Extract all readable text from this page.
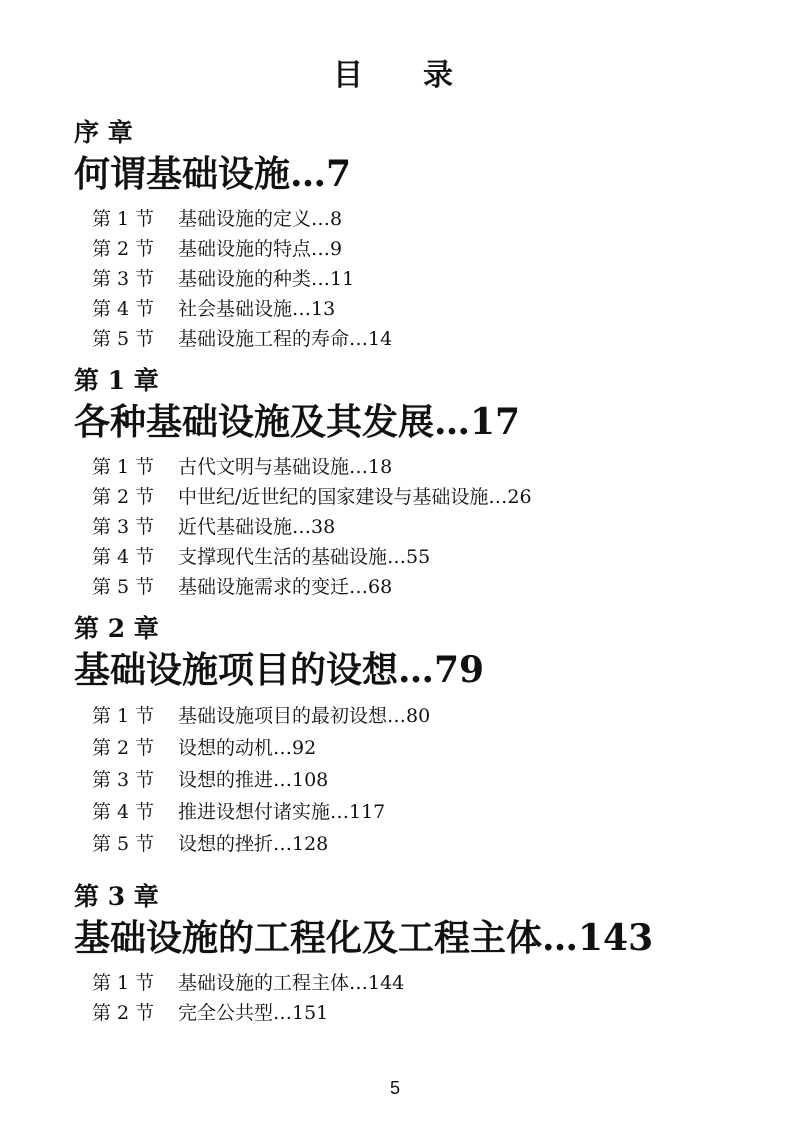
目 录
序 章
何谓基础设施…7
第 1 节 基础设施的定义…8
第 2 节 基础设施的特点…9
第 3 节 基础设施的种类…11
第 4 节 社会基础设施…13
第 5 节 基础设施工程的寿命…14
第 1 章
各种基础设施及其发展…17
第 1 节 古代文明与基础设施…18
第 2 节 中世纪/近世纪的国家建设与基础设施…26
第 3 节 近代基础设施…38
第 4 节 支撑现代生活的基础设施…55
第 5 节 基础设施需求的变迁…68
第 2 章
基础设施项目的设想…79
第 1 节 基础设施项目的最初设想…80
第 2 节 设想的动机…92
第 3 节 设想的推进…108
第 4 节 推进设想付诸实施…117
第 5 节 设想的挫折…128
第 3 章
基础设施的工程化及工程主体…143
第 1 节 基础设施的工程主体…144
第 2 节 完全公共型…151
5
